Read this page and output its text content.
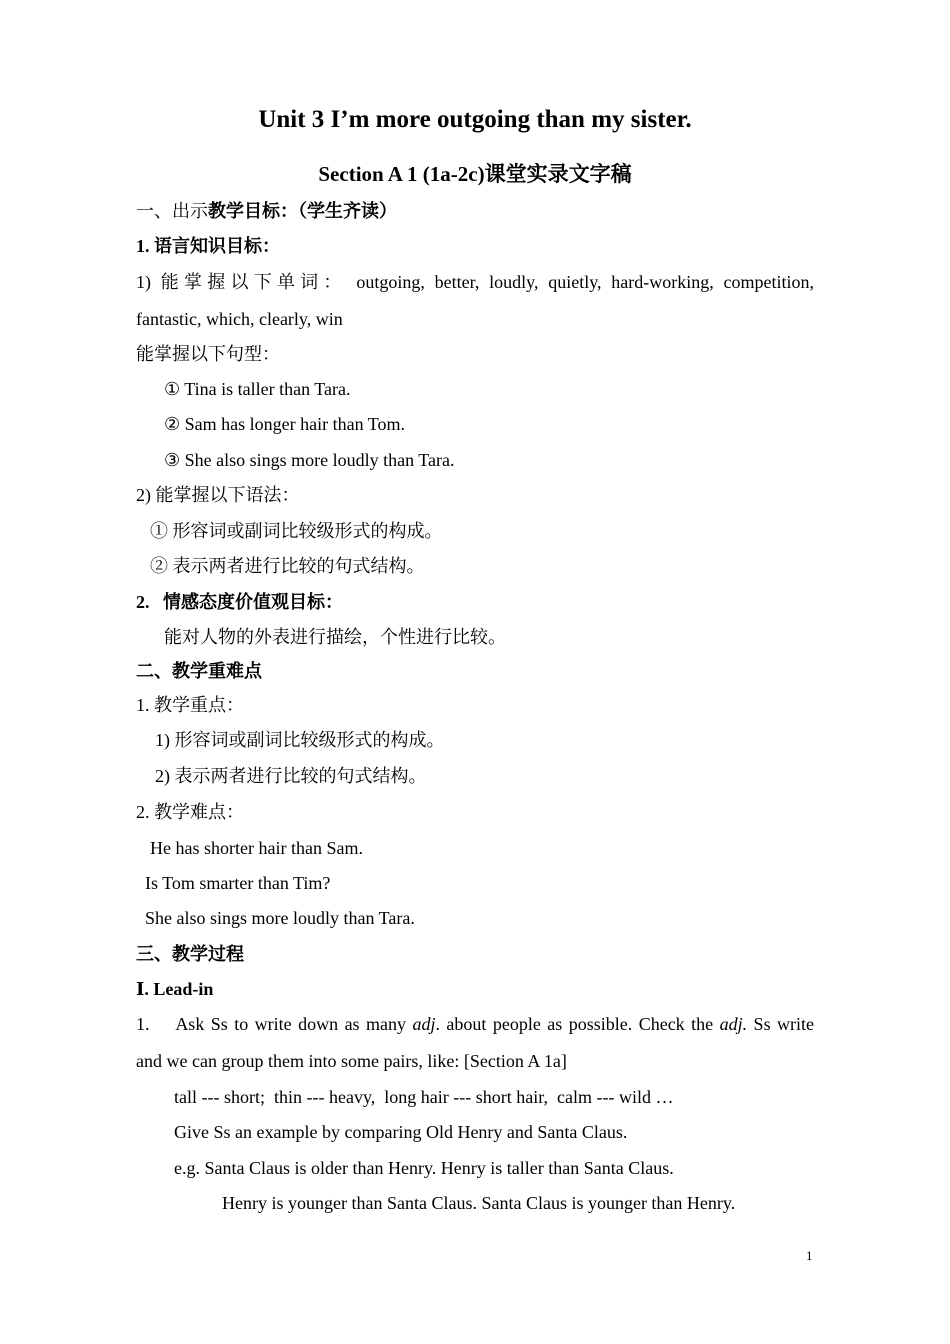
Unit 3 I’m more outgoing than my sister.
Section A 1 (1a-2c)课堂实录文字稿
一、出示教学目标：（学生齐读）
1. 语言知识目标：
1) 能掌握以下单词： outgoing, better, loudly, quietly, hard-working, competition,
fantastic, which, clearly, win
能掌握以下句型：
① Tina is taller than Tara.
② Sam has longer hair than Tom.
③ She also sings more loudly than Tara.
2) 能掌握以下语法：
① 形容词或副词比较级形式的构成。
② 表示两者进行比较的句式结构。
2.   情感态度价值观目标：
能对人物的外表进行描绘，个性进行比较。
二、教学重难点
1. 教学重点：
1) 形容词或副词比较级形式的构成。
2) 表示两者进行比较的句式结构。
2. 教学难点：
He has shorter hair than Sam.
Is Tom smarter than Tim?
She also sings more loudly than Tara.
三、教学过程
Ⅰ. Lead-in
1. Ask Ss to write down as many adj. about people as possible. Check the adj. Ss write
and we can group them into some pairs, like: [Section A 1a]
tall --- short;  thin --- heavy,  long hair --- short hair,  calm --- wild …
Give Ss an example by comparing Old Henry and Santa Claus.
e.g. Santa Claus is older than Henry. Henry is taller than Santa Claus.
Henry is younger than Santa Claus. Santa Claus is younger than Henry.
1
